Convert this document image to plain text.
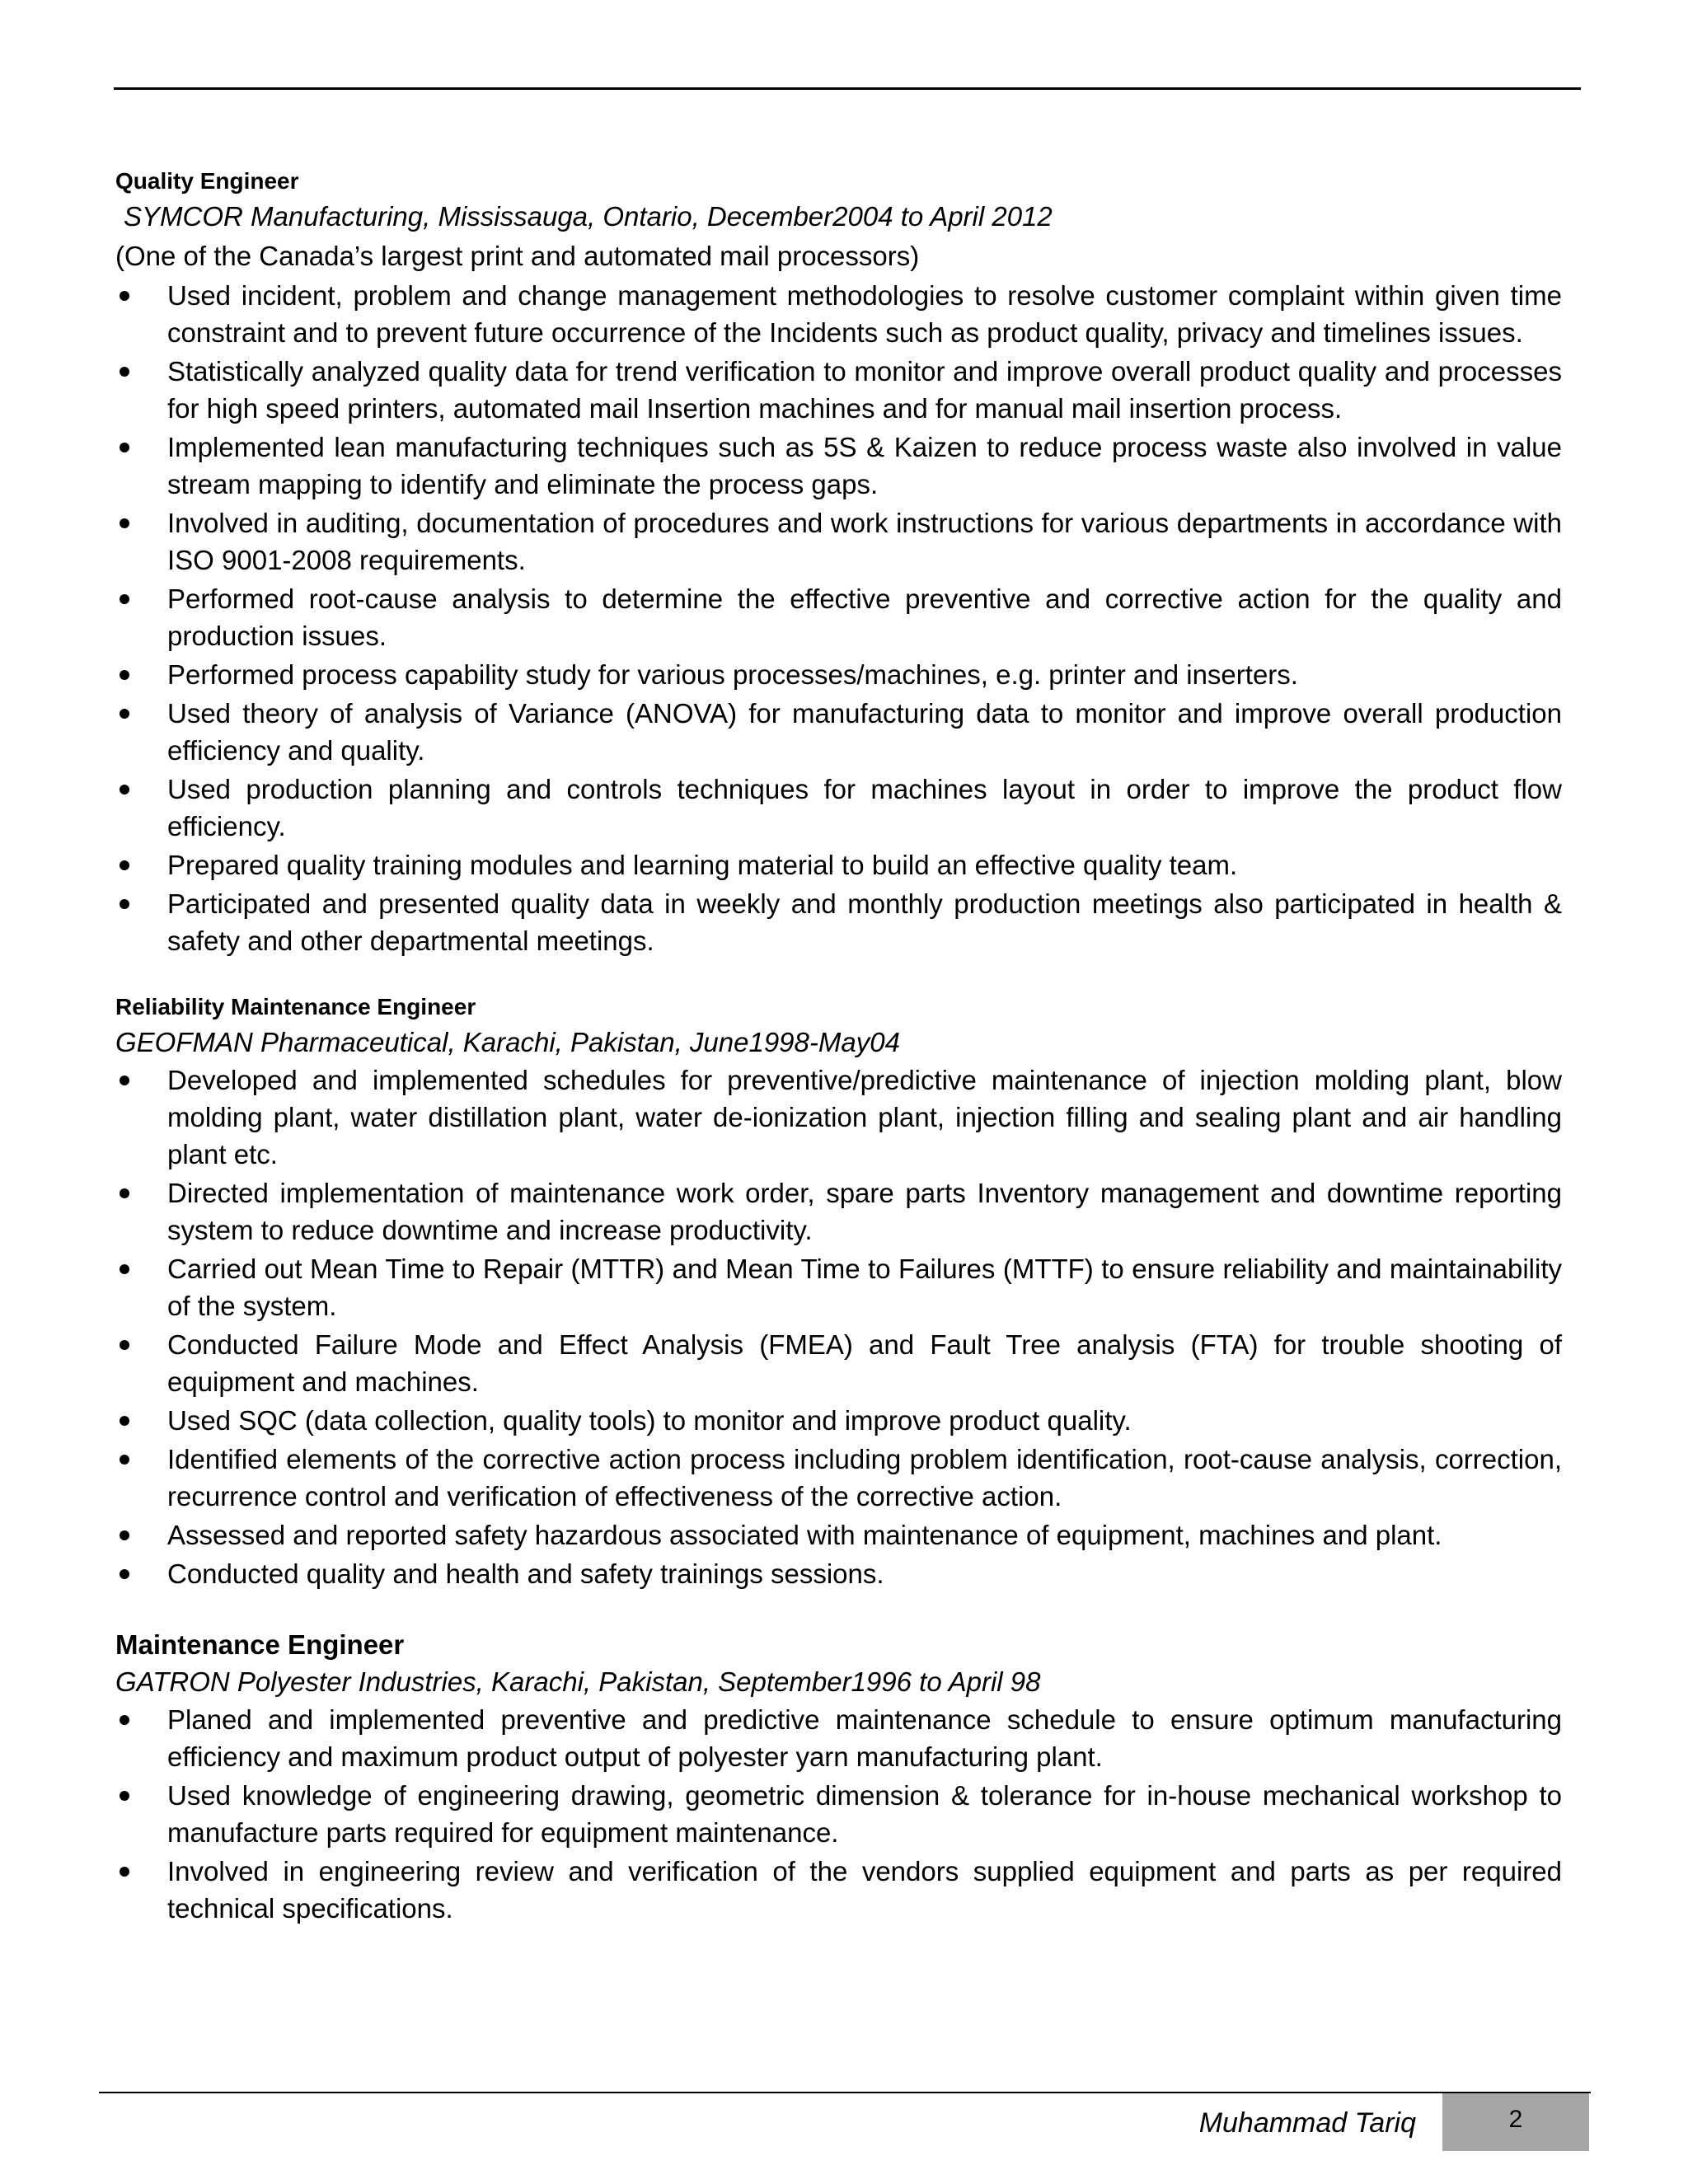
Quality Engineer

SYMCOR Manufacturing, Mississauga, Ontario, December2004 to April 2012

(One of the Canada’s largest print and automated mail processors)

Used incident, problem and change management methodologies to resolve customer complaint within given time constraint and to prevent future occurrence of the Incidents such as product quality, privacy and timelines issues.
Statistically analyzed quality data for trend verification to monitor and improve overall product quality and processes for high speed printers, automated mail Insertion machines and for manual mail insertion process.
Implemented lean manufacturing techniques such as 5S & Kaizen to reduce process waste also involved in value stream mapping to identify and eliminate the process gaps.
Involved in auditing, documentation of procedures and work instructions for various departments in accordance with ISO 9001-2008 requirements.
Performed root-cause analysis to determine the effective preventive and corrective action for the quality and production issues.
Performed process capability study for various processes/machines, e.g. printer and inserters.
Used theory of analysis of Variance (ANOVA) for manufacturing data to monitor and improve overall production efficiency and quality.
Used production planning and controls techniques for machines layout in order to improve the product flow efficiency.
Prepared quality training modules and learning material to build an effective quality team.
Participated and presented quality data in weekly and monthly production meetings also participated in health & safety and other departmental meetings.

Reliability Maintenance Engineer

GEOFMAN Pharmaceutical, Karachi, Pakistan, June1998-May04

Developed and implemented schedules for preventive/predictive maintenance of injection molding plant, blow molding plant, water distillation plant, water de-ionization plant, injection filling and sealing plant and air handling plant etc.
Directed implementation of maintenance work order, spare parts Inventory management and downtime reporting system to reduce downtime and increase productivity.
Carried out Mean Time to Repair (MTTR) and Mean Time to Failures (MTTF) to ensure reliability and maintainability of the system.
Conducted Failure Mode and Effect Analysis (FMEA) and Fault Tree analysis (FTA) for trouble shooting of equipment and machines.
Used SQC (data collection, quality tools) to monitor and improve product quality.
Identified elements of the corrective action process including problem identification, root-cause analysis, correction, recurrence control and verification of effectiveness of the corrective action.
Assessed and reported safety hazardous associated with maintenance of equipment, machines and plant.
Conducted quality and health and safety trainings sessions.

Maintenance Engineer

GATRON Polyester Industries, Karachi, Pakistan, September1996 to April 98

Planed and implemented preventive and predictive maintenance schedule to ensure optimum manufacturing efficiency and maximum product output of polyester yarn manufacturing plant.
Used knowledge of engineering drawing, geometric dimension & tolerance for in-house mechanical workshop to manufacture parts required for equipment maintenance.
Involved in engineering review and verification of the vendors supplied equipment and parts as per required technical specifications.
Muhammad Tariq	2
